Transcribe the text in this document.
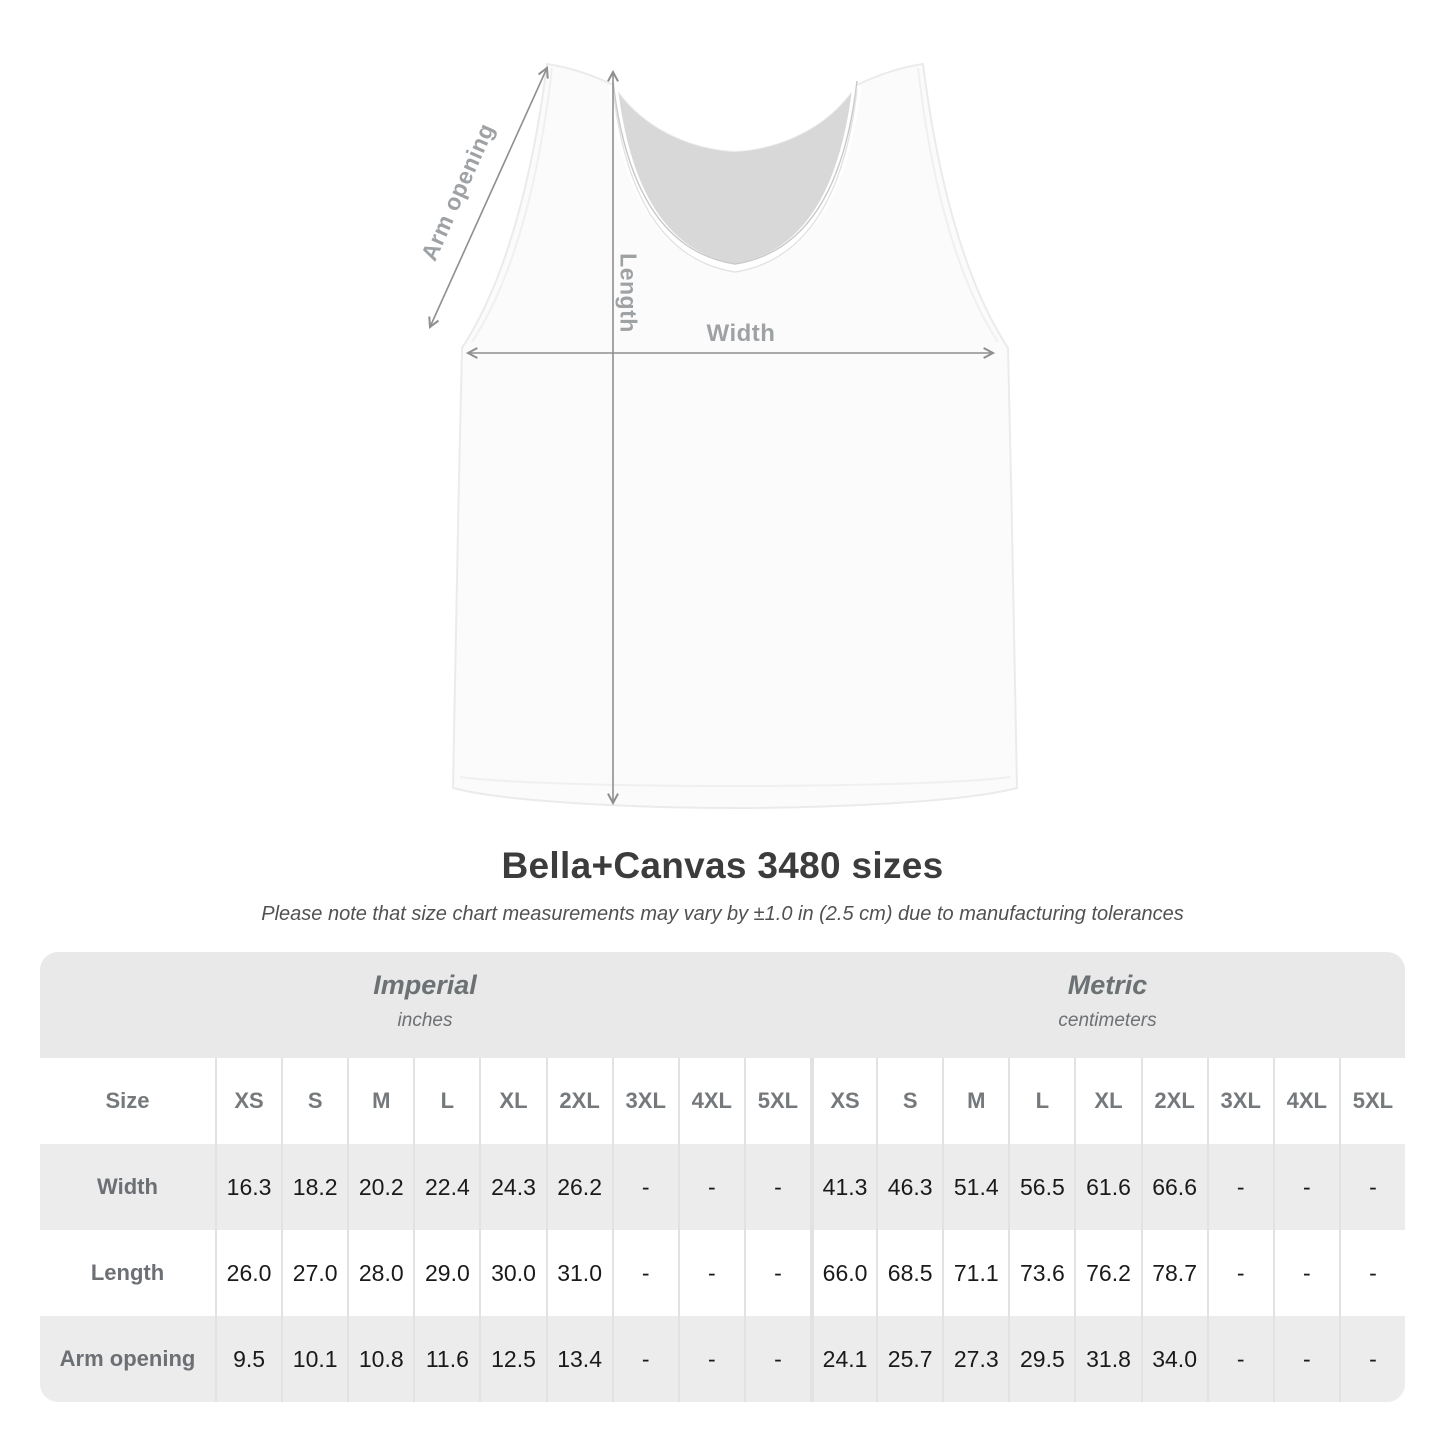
Arm opening
Length
Width
Bella+Canvas 3480 sizes
Please note that size chart measurements may vary by ±1.0 in (2.5 cm) due to manufacturing tolerances
Imperial
inches
Metric
centimeters
Size	XS	S	M	L	XL	2XL	3XL	4XL	5XL	XS	S	M	L	XL	2XL	3XL	4XL	5XL
Width	16.3 18.2 20.2 22.4 24.3 26.2	-	-	-	41.3 46.3 51.4 56.5 61.6 66.6	-	-	-
Length	26.0 27.0 28.0 29.0 30.0 31.0	-	-	-	66.0 68.5 71.1 73.6 76.2 78.7	-	-	-
Arm opening	9.5	10.1 10.8 11.6 12.5 13.4	-	-	-	24.1 25.7 27.3 29.5 31.8 34.0	-	-	-
